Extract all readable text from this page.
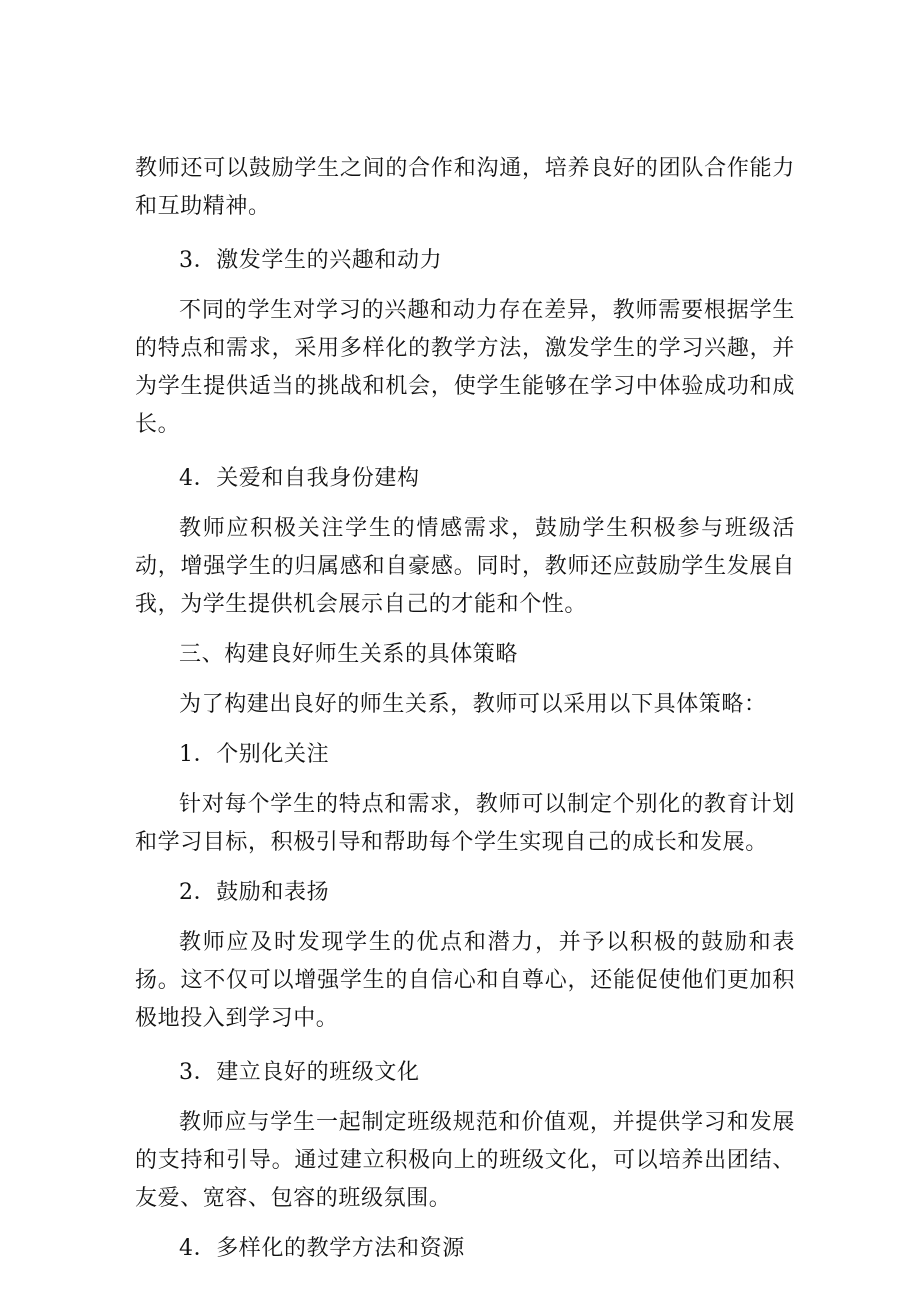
教师还可以鼓励学生之间的合作和沟通，培养良好的团队合作能力和互助精神。

3．激发学生的兴趣和动力

不同的学生对学习的兴趣和动力存在差异，教师需要根据学生的特点和需求，采用多样化的教学方法，激发学生的学习兴趣，并为学生提供适当的挑战和机会，使学生能够在学习中体验成功和成长。

4．关爱和自我身份建构

教师应积极关注学生的情感需求，鼓励学生积极参与班级活动，增强学生的归属感和自豪感。同时，教师还应鼓励学生发展自我，为学生提供机会展示自己的才能和个性。

三、构建良好师生关系的具体策略

为了构建出良好的师生关系，教师可以采用以下具体策略：

1．个别化关注

针对每个学生的特点和需求，教师可以制定个别化的教育计划和学习目标，积极引导和帮助每个学生实现自己的成长和发展。

2．鼓励和表扬

教师应及时发现学生的优点和潜力，并予以积极的鼓励和表扬。这不仅可以增强学生的自信心和自尊心，还能促使他们更加积极地投入到学习中。

3．建立良好的班级文化

教师应与学生一起制定班级规范和价值观，并提供学习和发展的支持和引导。通过建立积极向上的班级文化，可以培养出团结、友爱、宽容、包容的班级氛围。

4．多样化的教学方法和资源
